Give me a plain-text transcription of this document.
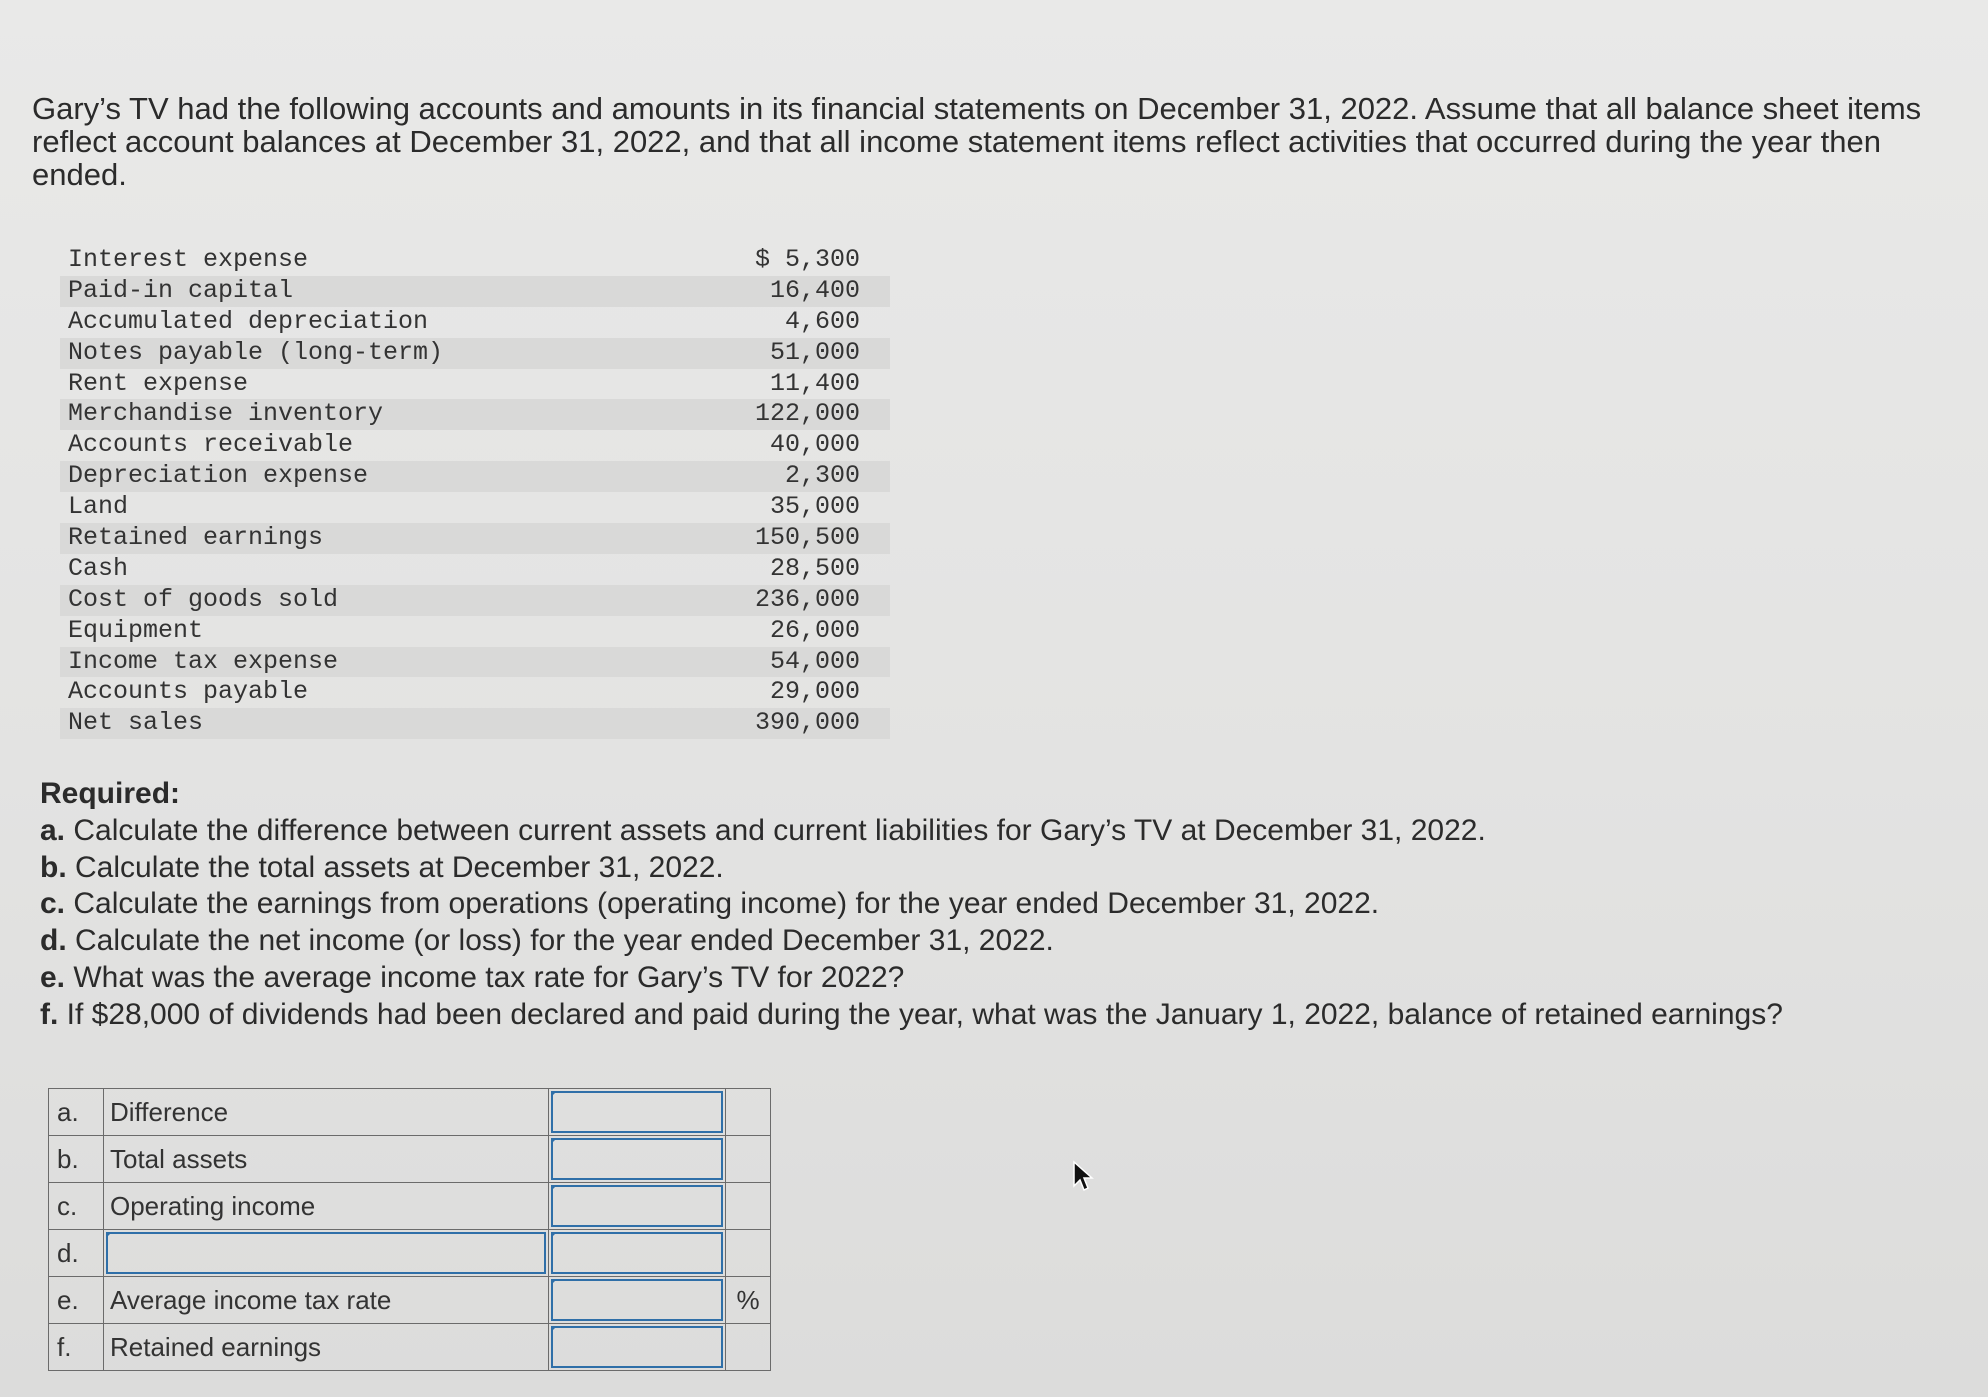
Gary’s TV had the following accounts and amounts in its financial statements on December 31, 2022. Assume that all balance sheet items reflect account balances at December 31, 2022, and that all income statement items reflect activities that occurred during the year then ended.

Interest expense	$ 5,300
Paid-in capital	16,400
Accumulated depreciation	4,600
Notes payable (long-term)	51,000
Rent expense	11,400
Merchandise inventory	122,000
Accounts receivable	40,000
Depreciation expense	2,300
Land	35,000
Retained earnings	150,500
Cash	28,500
Cost of goods sold	236,000
Equipment	26,000
Income tax expense	54,000
Accounts payable	29,000
Net sales	390,000
Required:
a. Calculate the difference between current assets and current liabilities for Gary’s TV at December 31, 2022.
b. Calculate the total assets at December 31, 2022.
c. Calculate the earnings from operations (operating income) for the year ended December 31, 2022.
d. Calculate the net income (or loss) for the year ended December 31, 2022.
e. What was the average income tax rate for Gary’s TV for 2022?
f. If $28,000 of dividends had been declared and paid during the year, what was the January 1, 2022, balance of retained earnings?
a.	Difference	

b.	Total assets	

c.	Operating income	

d.	

e.	Average income tax rate		%
f.	Retained earnings	
